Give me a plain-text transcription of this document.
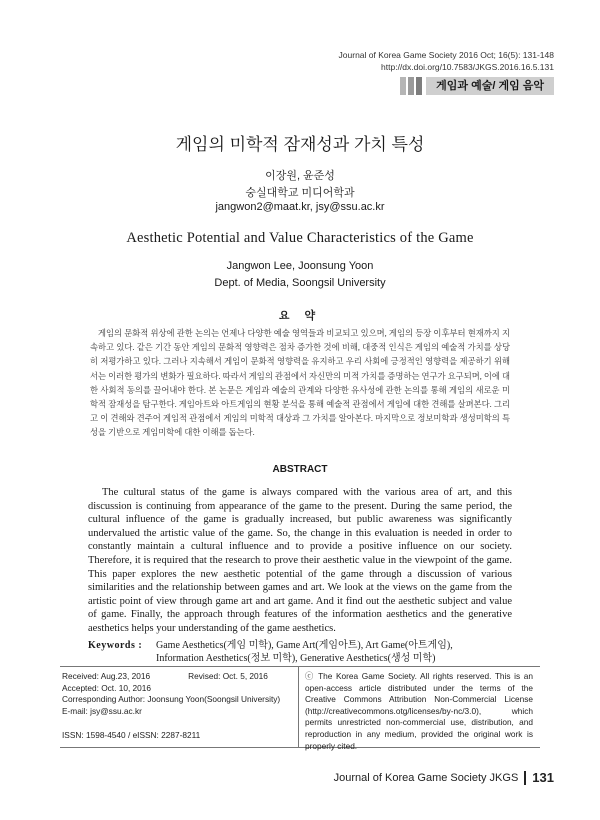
Journal of Korea Game Society 2016 Oct; 16(5): 131-148
http://dx.doi.org/10.7583/JKGS.2016.16.5.131
게임과 예술/ 게임 음악
게임의 미학적 잠재성과 가치 특성
이장원, 윤준성
숭실대학교 미디어학과
jangwon2@maat.kr, jsy@ssu.ac.kr
Aesthetic Potential and Value Characteristics of the Game
Jangwon Lee, Joonsung Yoon
Dept. of Media, Soongsil University
요 약
게임의 문화적 위상에 관한 논의는 언제나 다양한 예술 영역들과 비교되고 있으며, 게임의 등장 이후부터 현재까지 지속하고 있다. 같은 기간 동안 게임의 문화적 영향력은 점차 증가한 것에 비해, 대중적 인식은 게임의 예술적 가치를 상당히 저평가하고 있다. 그러나 지속해서 게임이 문화적 영향력을 유지하고 우리 사회에 긍정적인 영향력을 제공하기 위해서는 이러한 평가의 변화가 필요하다. 따라서 게임의 관점에서 자신만의 미적 가치를 증명하는 연구가 요구되며, 이에 대한 사회적 동의를 끌어내야 한다. 본 논문은 게임과 예술의 관계와 다양한 유사성에 관한 논의를 통해 게임의 새로운 미학적 잠재성을 탐구한다. 게임아트와 아트게임의 현황 분석을 통해 예술적 관점에서 게임에 대한 견해를 살펴본다. 그리고 이 견해와 견주어 게임적 관점에서 게임의 미학적 대상과 그 가치를 알아본다. 마지막으로 정보미학과 생성미학의 특성을 기반으로 게임미학에 대한 이해를 돕는다.
ABSTRACT
The cultural status of the game is always compared with the various area of art, and this discussion is continuing from appearance of the game to the present. During the same period, the cultural influence of the game is gradually increased, but public awareness was significantly undervalued the artistic value of the game. So, the change in this evaluation is needed in order to constantly maintain a cultural influence and to provide a positive influence on our society. Therefore, it is required that the research to prove their aesthetic value in the viewpoint of the game. This paper explores the new aesthetic potential of the game through a discussion of various similarities and the relationship between games and art. We look at the views on the game from the artistic point of view through game art and art game. And it find out the aesthetic subject and value of game. Finally, the approach through features of the information aesthetics and the generative aesthetics helps your understanding of the game aesthetics.
Keywords : Game Aesthetics(게임 미학), Game Art(게임아트), Art Game(아트게임), Information Aesthetics(정보 미학), Generative Aesthetics(생성 미학)
Received: Aug.23, 2016	Revised: Oct. 5, 2016
Accepted: Oct. 10, 2016
Corresponding Author: Joonsung Yoon(Soongsil University)
E-mail: jsy@ssu.ac.kr
ISSN: 1598-4540 / eISSN: 2287-8211
ⓒ The Korea Game Society. All rights reserved. This is an open-access article distributed under the terms of the Creative Commons Attribution Non-Commercial License (http://creativecommons.otg/licenses/by-nc/3.0), which permits unrestricted non-commercial use, distribution, and reproduction in any medium, provided the original work is properly cited.
Journal of Korea Game Society JKGS 131
